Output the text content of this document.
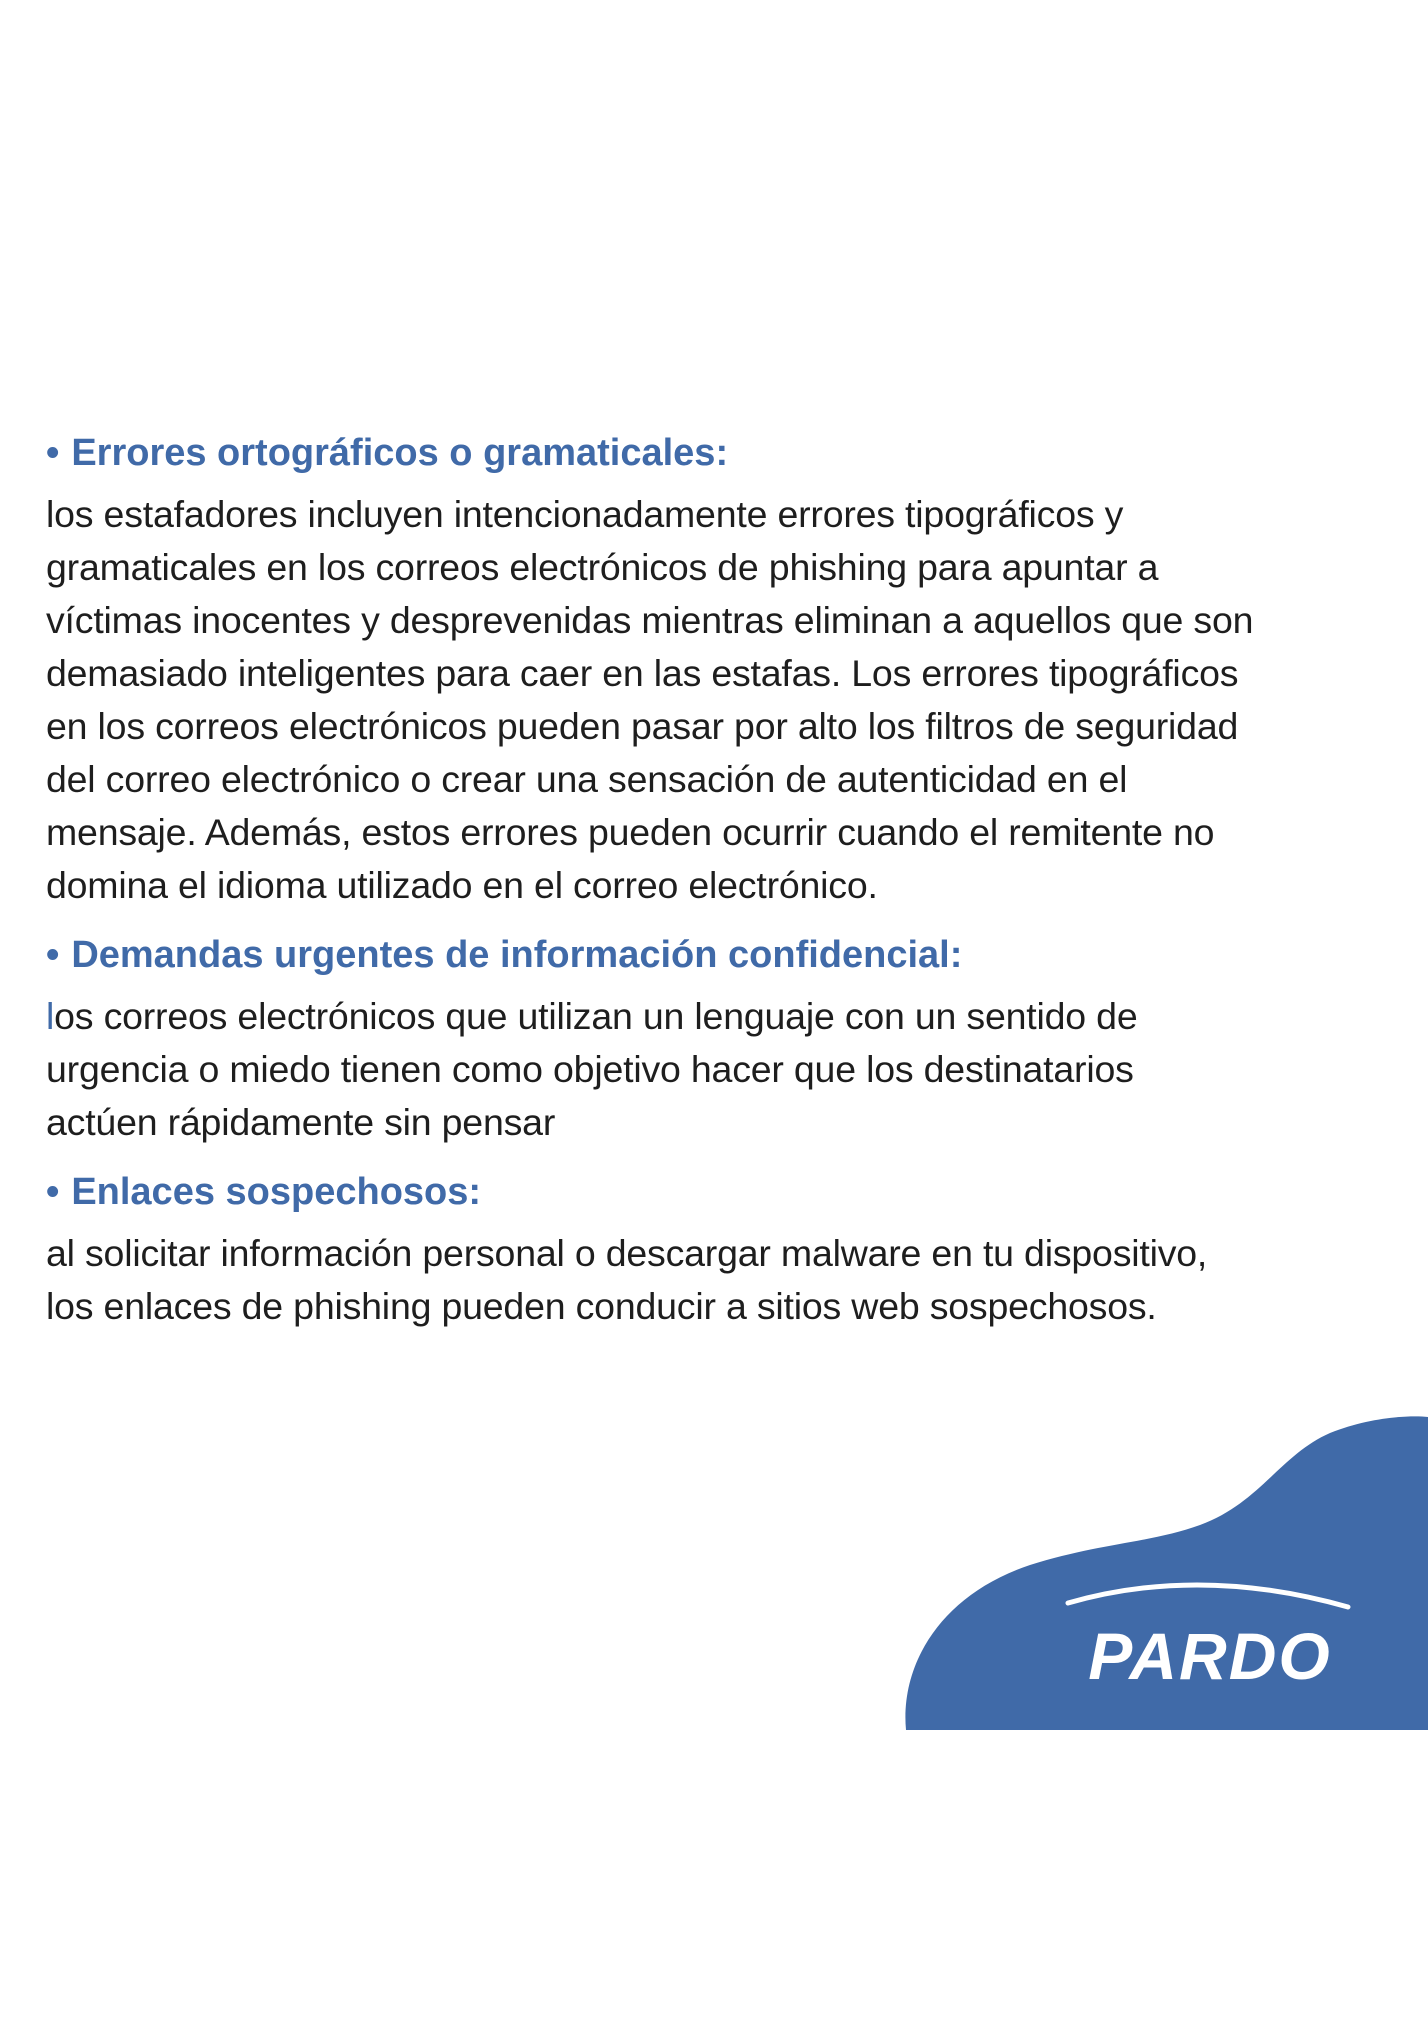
• Errores ortográficos o gramaticales:

los estafadores incluyen intencionadamente errores tipográficos y
gramaticales en los correos electrónicos de phishing para apuntar a
víctimas inocentes y desprevenidas mientras eliminan a aquellos que son
demasiado inteligentes para caer en las estafas. Los errores tipográficos
en los correos electrónicos pueden pasar por alto los filtros de seguridad
del correo electrónico o crear una sensación de autenticidad en el
mensaje. Además, estos errores pueden ocurrir cuando el remitente no
domina el idioma utilizado en el correo electrónico.

• Demandas urgentes de información confidencial:

los correos electrónicos que utilizan un lenguaje con un sentido de
urgencia o miedo tienen como objetivo hacer que los destinatarios
actúen rápidamente sin pensar

• Enlaces sospechosos:

al solicitar información personal o descargar malware en tu dispositivo,
los enlaces de phishing pueden conducir a sitios web sospechosos.

PARDO
